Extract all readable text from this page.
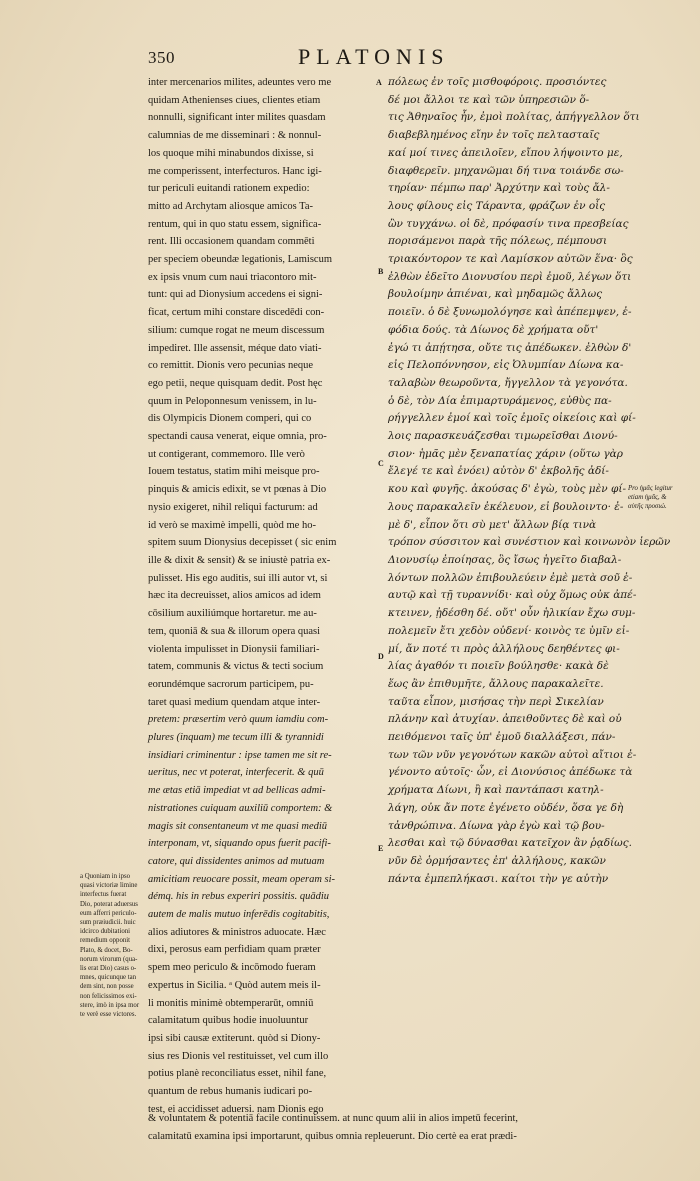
350	PLATONIS
inter mercenarios milites, adeuntes vero me
quidam Athenienses ciues, clientes etiam
nonnulli, significant inter milites quasdam
calumnias de me dissеminari : & nonnul-
los quoque mihi minabundos dixisse, si
me comperissent, interfecturos. Hanc igi-
tur periculi euitandi rationem expedio:
mitto ad Archytam aliosque amicos Ta-
rentum, qui in quo statu essem, significa-
rent. Illi occasionem quandam commēti
per speciem obeundæ legationis, Lamiscum
ex ipsis vnum cum naui triacontoro mit-
tunt: qui ad Dionysium accedens ei signi-
ficat, certum mihi constare discedēdi con-
silium: cumque rogat ne meum discessum
impediret. Ille assensit, méque dato viati-
co remittit. Dionis vero pecunias neque
ego petii, neque quisquam dedit. Post hęc
quum in Peloponnesum venissem, in lu-
dis Olympicis Dionem comperi, qui co
spectandi causa venerat, eique omnia, pro-
ut contigerant, commemoro. Ille verò
Iouem testatus, statim mihi meisque pro-
pinquis & amicis edixit, se vt pœnas à Dio
nysio exigeret, nihil reliqui facturum: ad
id verò se maximè impelli, quòd me ho-
spitem suum Dionysius decepisset ( sic enim
ille & dixit & sensit) & se iniustè patria ex-
pulisset. His ego auditis, sui illi autor vt, si
hæc ita decreuisset, alios amicos ad idem
cōsilium auxiliúmque hortaretur. me au-
tem, quoniā & sua & illorum opera quasi
violenta impulisset in Dionysii familiari-
tatem, communis & victus & tecti socium
eorundémque sacrorum participem, pu-
taret quasi medium quendam atque inter-
pretem: præsertim verò quum iamdiu com-
plures (inquam) me tecum illi & tyrannidi
insidiari criminentur : ipse tamen me sit re-
ueritus, nec vt poterat, interfecerit. & quū
me ætas etiā impediat vt ad bellicas admi-
nistrationes cuiquam auxiliū comportem: &
magis sit consentaneum vt me quasi mediū
interponam, vt, siquando opus fuerit pacifi-
catore, qui dissidentes animos ad mutuam
amicitiam reuocare possit, meam operam si-
démq. his in rebus experiri possitis. quādiu
autem de malis mutuo inferēdis cogitabitis,
alios adiutores & ministros aduocate. Hæc
dixi, perosus eam perfidiam quam præter
spem meo periculo & incōmodo fueram
expertus in Sicilia. ᵃ Quòd autem meis il-
li monitis minimè obtemperarūt, omniū
calamitatum quibus hodie inuoluuntur
ipsi sibi causæ extiterunt. quòd si Diony-
sius res Dionis vel restituisset, vel cum illo
potius planè reconciliatus esset, nihil fane,
quantum de rebus humanis iudicari po-
test, ei accidisset aduersi. nam Dionis ego
πόλεως ἐν τοῖς μισθοφόροις. προσιόντες
δέ μοι ἄλλοι τε καὶ τῶν ὑπηρεσιῶν ὅ-
τις Ἀθηναῖος ἦν, ἐμοὶ πολίτας, ἀπήγγελλον ὅτι
διαβεβλημένος εἴην ἐν τοῖς πελτασταῖς
καί μοί τινες ἀπειλοῖεν, εἴπου λήψοιντο με,
διαφθερεῖν. μηχανῶμαι δή τινα τοιάνδε σω-
τηρίαν· πέμπω παρ' Ἀρχύτην καὶ τοὺς ἄλ-
λους φίλους εἰς Τάραντα, φράζων ἐν οἷς
ὢν τυγχάνω. οἱ δὲ, πρόφασίν τινα πρεσβείας
πορισάμενοι παρὰ τῆς πόλεως, πέμπουσι
τριακόντορον τε καὶ Λαμίσκον αὐτῶν ἕνα· ὃς
ἐλθὼν ἐδεῖτο Διονυσίου περὶ ἐμοῦ, λέγων ὅτι
βουλοίμην ἀπιέναι, καὶ μηδαμῶς ἄλλως
ποιεῖν. ὁ δὲ ξυνωμολόγησε καὶ ἀπέπεμψεν, ἐ-
φόδια δούς. τὰ Δίωνος δὲ χρήματα οὔτ'
ἐγώ τι ἀπῄτησα, οὔτε τις ἀπέδωκεν. ἐλθὼν δ'
εἰς Πελοπόννησον, εἰς Ὀλυμπίαν Δίωνα κα-
ταλαβὼν θεωροῦντα, ἤγγελλον τὰ γεγονότα.
ὁ δὲ, τὸν Δία ἐπιμαρτυράμενος, εὐθὺς πα-
ρήγγελλεν ἐμοί καὶ τοῖς ἐμοῖς οἰκείοις καὶ φί-
λοις παρασκευάζεσθαι τιμωρεῖσθαι Διονύ-
σιον· ἡμᾶς μὲν ξεναπατίας χάριν (οὕτω γὰρ
ἔλεγέ τε καὶ ἐνόει) αὐτὸν δ' ἐκβολῆς ἀδί-
κου καὶ φυγῆς. ἀκούσας δ' ἐγὼ, τοὺς μὲν φί-
λους παρακαλεῖν ἐκέλευον, εἰ βουλοιντο· ἐ-
μὲ δ', εἶπον ὅτι σὺ μετ' ἄλλων βίᾳ τινὰ
τρόπον σύσσιτον καὶ συνέστιον καὶ κοινωνὸν ἱερῶν
Διονυσίῳ ἐποίησας, ὃς ἴσως ἡγεῖτο διαβαλ-
λόντων πολλῶν ἐπιβουλεύειν ἐμὲ μετὰ σοῦ ἑ-
αυτῷ καὶ τῇ τυραννίδι· καὶ οὐχ ὅμως οὐκ ἀπέ-
κτεινεν, ᾐδέσθη δέ. οὔτ' οὖν ἡλικίαν ἔχω συμ-
πολεμεῖν ἔτι χεδὸν οὐδενί· κοινὸς τε ὑμῖν εἰ-
μί, ἄν ποτέ τι πρὸς ἀλλήλους δεηθέντες φι-
λίας ἀγαθόν τι ποιεῖν βούλησθε· κακὰ δὲ
ἕως ἂν ἐπιθυμῆτε, ἄλλους παρακαλεῖτε.
ταῦτα εἶπον, μισήσας τὴν περὶ Σικελίαν
πλάνην καὶ ἀτυχίαν. ἀπειθοῦντες δὲ καὶ οὐ
πειθόμενοι ταῖς ὑπ' ἐμοῦ διαλλάξεσι, πάν-
των τῶν νῦν γεγονότων κακῶν αὐτοὶ αἴτιοι ἐ-
γένοντο αὑτοῖς· ὧν, εἰ Διονύσιος ἀπέδωκε τὰ
χρήματα Δίωνι, ἢ καὶ παντάπασι κατηλ-
λάγη, οὐκ ἄν ποτε ἐγένετο οὐδέν, ὅσα γε δὴ
τἀνθρώπινα. Δίωνα γὰρ ἐγὼ καὶ τῷ βου-
λεσθαι καὶ τῷ δύνασθαι κατεῖχον ἂν ῥᾳδίως.
νῦν δὲ ὁρμήσαντες ἐπ' ἀλλήλους, κακῶν
πάντα ἐμπεπλήκασι. καίτοι τὴν γε αὐτὴν
A
B
C
D
E
a Quoniam in ipso
quasi victoriæ limine
interfectus fuerat
Dio, poterat aduersus
eum afferri periculo-
sum præiudicii. huic
idcirco dubitationi
remedium opponit
Plato, & docet, Bo-
norum virorum (qua-
lis erat Dio) casus o-
mnes, quicunque tan
dem sint, non posse
non felicissimos exi-
stere, imò in ipsa mor
te verè esse victores.
Pro ἡμᾶς legitur
etiam ἡμᾶς, &
αὐτῆς προσιώ.
& voluntatem & potentiā facile continuissem. at nunc quum alii in alios impetū fecerint,
calamitatū examina ipsi importarunt, quibus omnia repleuerunt. Dio certè ea erat prædi-
